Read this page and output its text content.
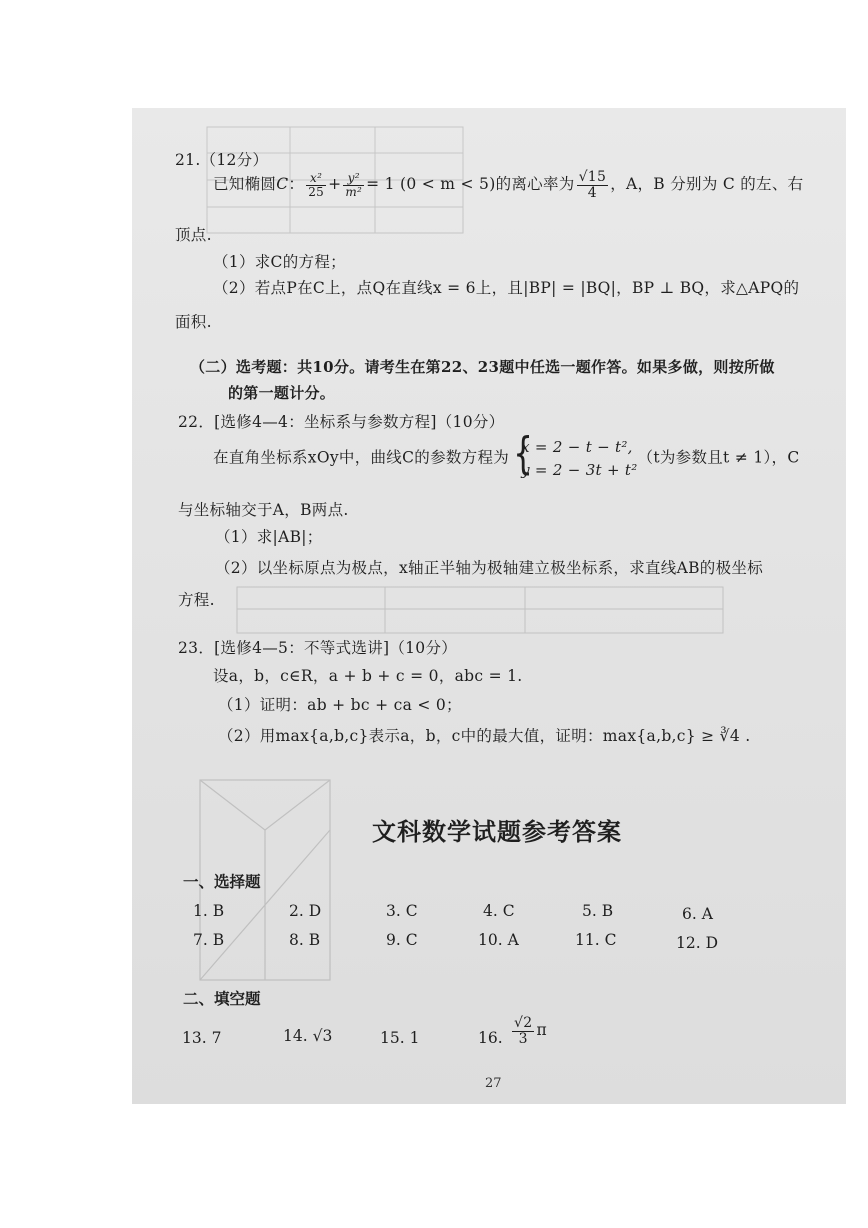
21.（12分）
已知椭圆C： $\frac{\text{x²}}{25} + \frac{\text{y²}}{\text{m²}} = 1$ (0 < m < 5)的离心率为 $\frac{√15}{4}$ ，A，B 分别为 C 的左、右
顶点.
（1）求C的方程；
（2）若点P在C上，点Q在直线x = 6上，且|BP| = |BQ|，BP ⊥ BQ，求△APQ的
面积.
（二）选考题：共10分。请考生在第22、23题中任选一题作答。如果多做，则按所做
的第一题计分。
22．[选修4—4：坐标系与参数方程]（10分）
在直角坐标系xOy中，曲线C的参数方程为 {
x = 2 − t − t²,
y = 2 − 3t + t²
（t为参数且t ≠ 1），C
与坐标轴交于A，B两点.
（1）求|AB|；
（2）以坐标原点为极点，x轴正半轴为极轴建立极坐标系，求直线AB的极坐标
方程.
23．[选修4—5：不等式选讲]（10分）
设a，b，c∈R，a + b + c = 0，abc = 1.
（1）证明：ab + bc + ca < 0；
（2）用max{a,b,c}表示a，b，c中的最大值，证明：max{a,b,c} ≥ ∛4 .
文科数学试题参考答案
一、选择题
1. B	2. D	3. C	4. C	5. B	6. A
7. B	8. B	9. C	10. A	11. C	12. D
二、填空题
13. 7	14. √3	15. 1	16. $\frac{√2}{3}$ π
27
